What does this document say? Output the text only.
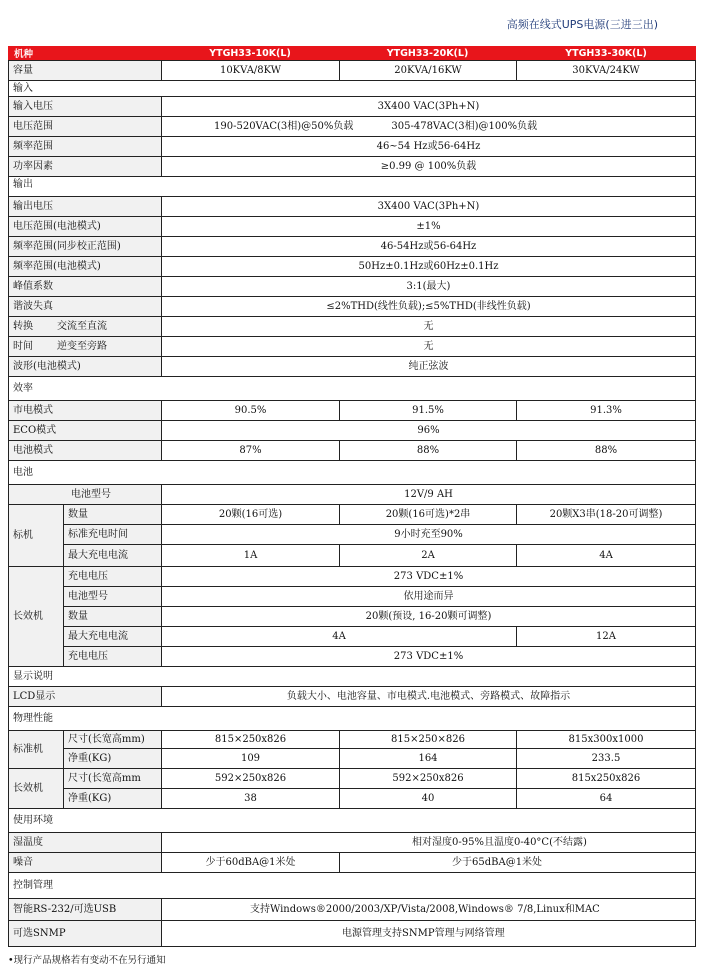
高频在线式UPS电源(三进三出)
机种	YTGH33-10K(L)	YTGH33-20K(L)	YTGH33-30K(L)
容量	10KVA/8KW	20KVA/16KW	30KVA/24KW
输入
输入电压	3X400 VAC(3Ph+N)
电压范围	190-520VAC(3相)@50%负载	305-478VAC(3相)@100%负载
频率范围	46~54 Hz或56-64Hz
功率因素	≥0.99 @ 100%负载
输出
输出电压	3X400 VAC(3Ph+N)
电压范围(电池模式)	±1%
频率范围(同步校正范围)	46-54Hz或56-64Hz
频率范围(电池模式)	50Hz±0.1Hz或60Hz±0.1Hz
峰值系数	3:1(最大)
谐波失真	≤2%THD(线性负载);≤5%THD(非线性负载)
转换 交流至直流	无
时间 逆变至旁路	无
波形(电池模式)	纯正弦波
效率
市电模式	90.5%	91.5%	91.3%
ECO模式	96%
电池模式	87%	88%	88%
电池
电池型号	12V/9 AH
标机
数量	20颗(16可选)	20颗(16可选)*2串	20颗X3串(18-20可调整)
标准充电时间	9小时充至90%
最大充电电流	1A	2A	4A
长效机
充电电压	273 VDC±1%
电池型号	依用途而异
数量	20颗(预设, 16-20颗可调整)
最大充电电流	4A	12A
充电电压	273 VDC±1%
显示说明
LCD显示	负载大小、电池容量、市电模式.电池模式、旁路模式、故障指示
物理性能
标准机
尺寸(长宽高mm)	815×250x826	815×250×826	815x300x1000
净重(KG)	109	164	233.5
长效机
尺寸(长宽高mm	592×250x826	592×250x826	815x250x826
净重(KG)	38	40	64
使用环境
湿温度	相对湿度0-95%且温度0-40°C(不结露)
噪音	少于60dBA@1米处	少于65dBA@1米处
控制管理
智能RS-232/可选USB	支持Windows®2000/2003/XP/Vista/2008,Windows® 7/8,Linux和MAC
可选SNMP	电源管理支持SNMP管理与网络管理
•现行产品规格若有变动不在另行通知
